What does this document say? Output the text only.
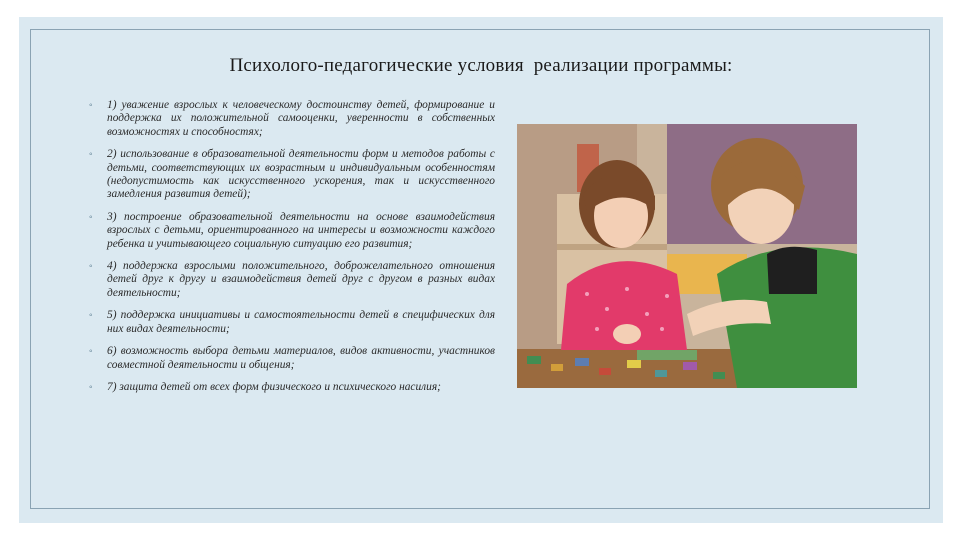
Психолого-педагогические условия  реализации программы:
◦ 1) уважение взрослых к человеческому достоинству детей, формирование и поддержка их положительной самооценки, уверенности в собственных возможностях и способностях;
◦ 2) использование в образовательной деятельности форм и методов работы с детьми, соответствующих их возрастным и индивидуальным особенностям (недопустимость как искусственного ускорения, так и искусственного замедления развития детей);
◦ 3) построение образовательной деятельности на основе взаимодействия взрослых с детьми, ориентированного на интересы и возможности каждого ребенка и учитывающего социальную ситуацию его развития;
◦ 4) поддержка взрослыми положительного, доброжелательного отношения детей друг к другу и взаимодействия детей друг с другом в разных видах деятельности;
◦ 5) поддержка инициативы и самостоятельности детей в специфических для них видах деятельности;
◦ 6) возможность выбора детьми материалов, видов активности, участников совместной деятельности и общения;
◦ 7) защита детей от всех форм физического и психического насилия;
